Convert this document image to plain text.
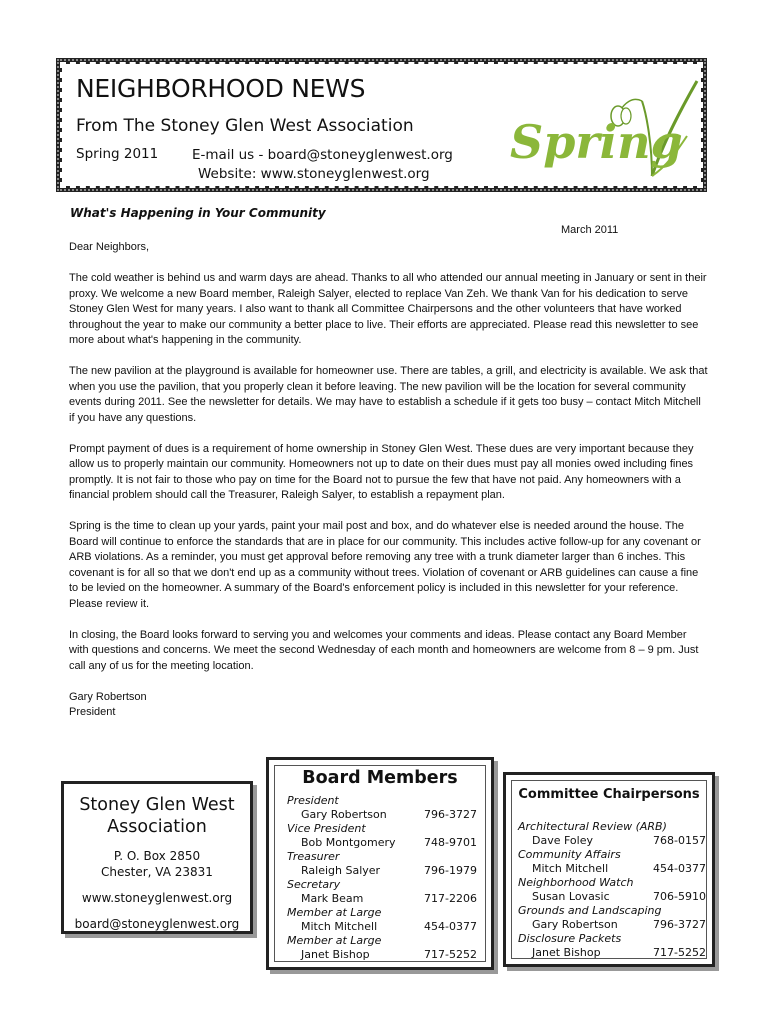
NEIGHBORHOOD NEWS
From The Stoney Glen West Association
Spring 2011	E-mail us - board@stoneyglenwest.org
Website: www.stoneyglenwest.org
Spring
What's Happening in Your Community
March 2011

Dear Neighbors,

The cold weather is behind us and warm days are ahead. Thanks to all who attended our annual meeting in January or sent in their proxy. We welcome a new Board member, Raleigh Salyer, elected to replace Van Zeh. We thank Van for his dedication to serve Stoney Glen West for many years. I also want to thank all Committee Chairpersons and the other volunteers that have worked throughout the year to make our community a better place to live. Their efforts are appreciated. Please read this newsletter to see more about what's happening in the community.

The new pavilion at the playground is available for homeowner use. There are tables, a grill, and electricity is available. We ask that when you use the pavilion, that you properly clean it before leaving. The new pavilion will be the location for several community events during 2011. See the newsletter for details. We may have to establish a schedule if it gets too busy – contact Mitch Mitchell if you have any questions.

Prompt payment of dues is a requirement of home ownership in Stoney Glen West. These dues are very important because they allow us to properly maintain our community. Homeowners not up to date on their dues must pay all monies owed including fines promptly. It is not fair to those who pay on time for the Board not to pursue the few that have not paid. Any homeowners with a financial problem should call the Treasurer, Raleigh Salyer, to establish a repayment plan.

Spring is the time to clean up your yards, paint your mail post and box, and do whatever else is needed around the house. The Board will continue to enforce the standards that are in place for our community. This includes active follow-up for any covenant or ARB violations. As a reminder, you must get approval before removing any tree with a trunk diameter larger than 6 inches. This covenant is for all so that we don't end up as a community without trees. Violation of covenant or ARB guidelines can cause a fine to be levied on the homeowner. A summary of the Board's enforcement policy is included in this newsletter for your reference. Please review it.

In closing, the Board looks forward to serving you and welcomes your comments and ideas. Please contact any Board Member with questions and concerns. We meet the second Wednesday of each month and homeowners are welcome from 8 – 9 pm. Just call any of us for the meeting location.

Gary Robertson
President
Stoney Glen West
Association
P. O. Box 2850
Chester, VA 23831
www.stoneyglenwest.org
board@stoneyglenwest.org
Board Members
President
Gary Robertson	796-3727
Vice President
Bob Montgomery	748-9701
Treasurer
Raleigh Salyer	796-1979
Secretary
Mark Beam	717-2206
Member at Large
Mitch Mitchell	454-0377
Member at Large
Janet Bishop	717-5252
Committee Chairpersons
Architectural Review (ARB)
Dave Foley	768-0157
Community Affairs
Mitch Mitchell	454-0377
Neighborhood Watch
Susan Lovasic	706-5910
Grounds and Landscaping
Gary Robertson	796-3727
Disclosure Packets
Janet Bishop	717-5252
